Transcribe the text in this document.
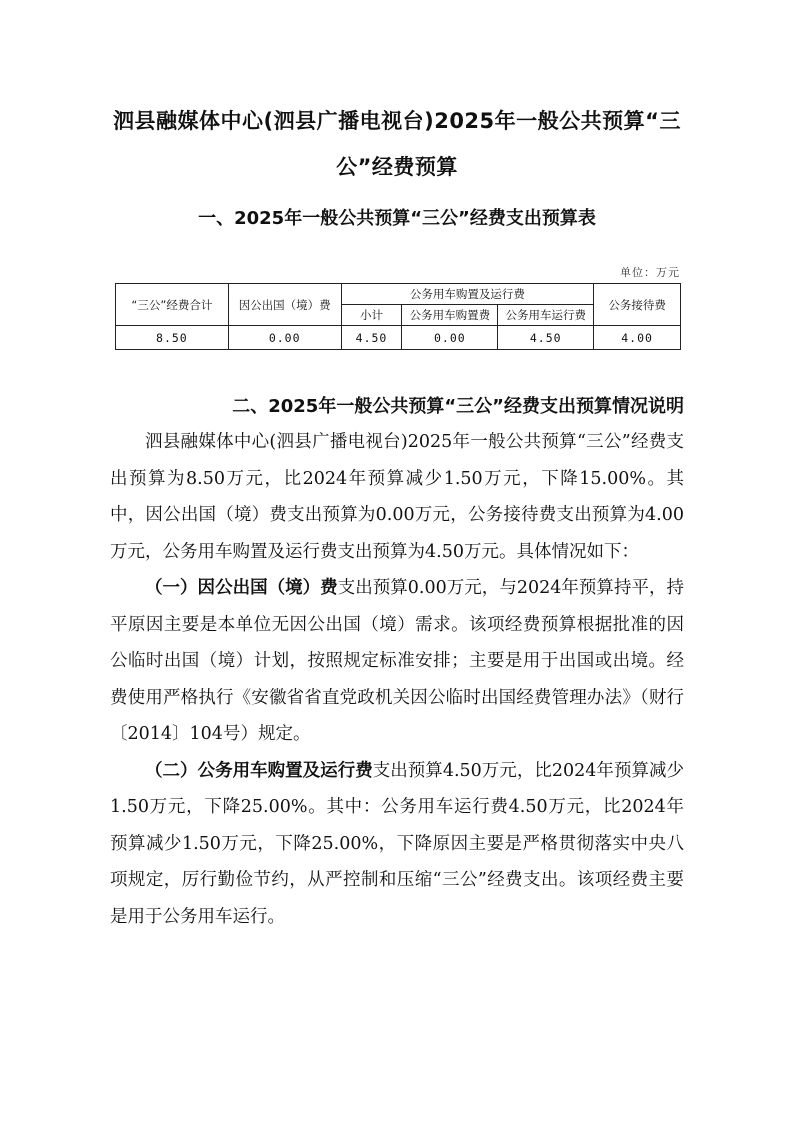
泗县融媒体中心(泗县广播电视台)2025年一般公共预算“三公”经费预算
一、2025年一般公共预算“三公”经费支出预算表
单位：万元
“三公”经费合计	因公出国（境）费	公务用车购置及运行费			公务接待费
		小计	公务用车购置费	公务用车运行费	
8.50	0.00	4.50	0.00	4.50	4.00
二、2025年一般公共预算“三公”经费支出预算情况说明

泗县融媒体中心(泗县广播电视台)2025年一般公共预算“三公”经费支出预算为8.50万元，比2024年预算减少1.50万元，下降15.00%。其中，因公出国（境）费支出预算为0.00万元，公务接待费支出预算为4.00万元，公务用车购置及运行费支出预算为4.50万元。具体情况如下：

（一）因公出国（境）费支出预算0.00万元，与2024年预算持平，持平原因主要是本单位无因公出国（境）需求。该项经费预算根据批准的因公临时出国（境）计划，按照规定标准安排；主要是用于出国或出境。经费使用严格执行《安徽省省直党政机关因公临时出国经费管理办法》（财行〔2014〕104号）规定。

（二）公务用车购置及运行费支出预算4.50万元，比2024年预算减少1.50万元，下降25.00%。其中：公务用车运行费4.50万元，比2024年预算减少1.50万元，下降25.00%，下降原因主要是严格贯彻落实中央八项规定，厉行勤俭节约，从严控制和压缩“三公”经费支出。该项经费主要是用于公务用车运行。
